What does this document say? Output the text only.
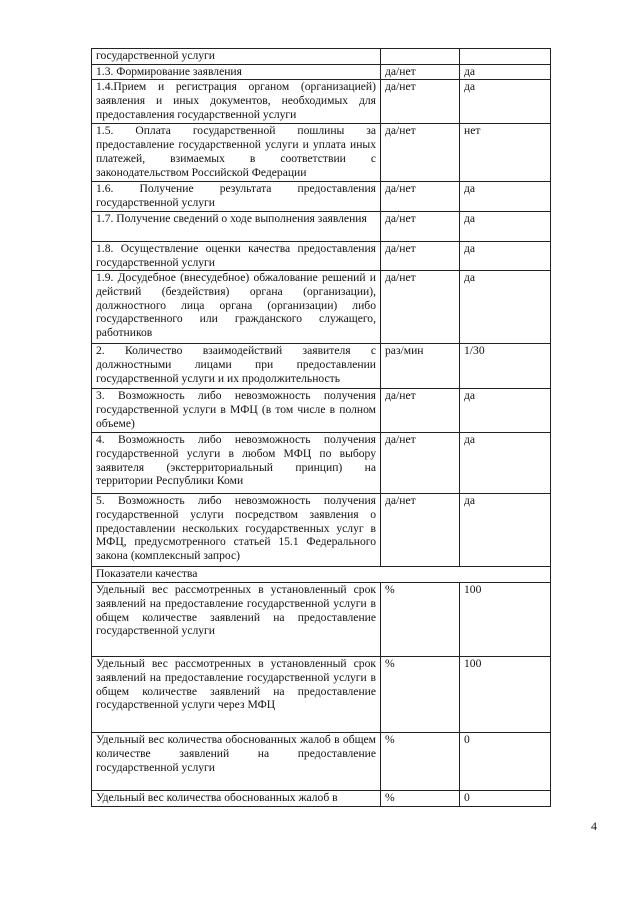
государственной услуги		
1.3. Формирование заявления	да/нет	да
1.4.Прием и регистрация органом (организацией) заявления и иных документов, необходимых для предоставления государственной услуги	да/нет	да
1.5. Оплата государственной пошлины за предоставление государственной услуги и уплата иных платежей, взимаемых в соответствии с законодательством Российской Федерации	да/нет	нет
1.6. Получение результата предоставления государственной услуги	да/нет	да
1.7. Получение сведений о ходе выполнения заявления	да/нет	да
1.8. Осуществление оценки качества предоставления государственной услуги	да/нет	да
1.9. Досудебное (внесудебное) обжалование решений и действий (бездействия) органа (организации), должностного лица органа (организации) либо государственного или гражданского служащего, работников	да/нет	да
2. Количество взаимодействий заявителя с должностными лицами при предоставлении государственной услуги и их продолжительность	раз/мин	1/30
3. Возможность либо невозможность получения государственной услуги в МФЦ (в том числе в полном объеме)	да/нет	да
4. Возможность либо невозможность получения государственной услуги в любом МФЦ по выбору заявителя (экстерриториальный принцип) на территории Республики Коми	да/нет	да
5. Возможность либо невозможность получения государственной услуги посредством заявления о предоставлении нескольких государственных услуг в МФЦ, предусмотренного статьей 15.1 Федерального закона (комплексный запрос)	да/нет	да
Показатели качества		
Удельный вес рассмотренных в установленный срок заявлений на предоставление государственной услуги в общем количестве заявлений на предоставление государственной услуги	%	100
Удельный вес рассмотренных в установленный срок заявлений на предоставление государственной услуги в общем количестве заявлений на предоставление государственной услуги через МФЦ	%	100
Удельный вес количества обоснованных жалоб в общем количестве заявлений на предоставление государственной услуги	%	0
Удельный вес количества обоснованных жалоб в	%	0
4
